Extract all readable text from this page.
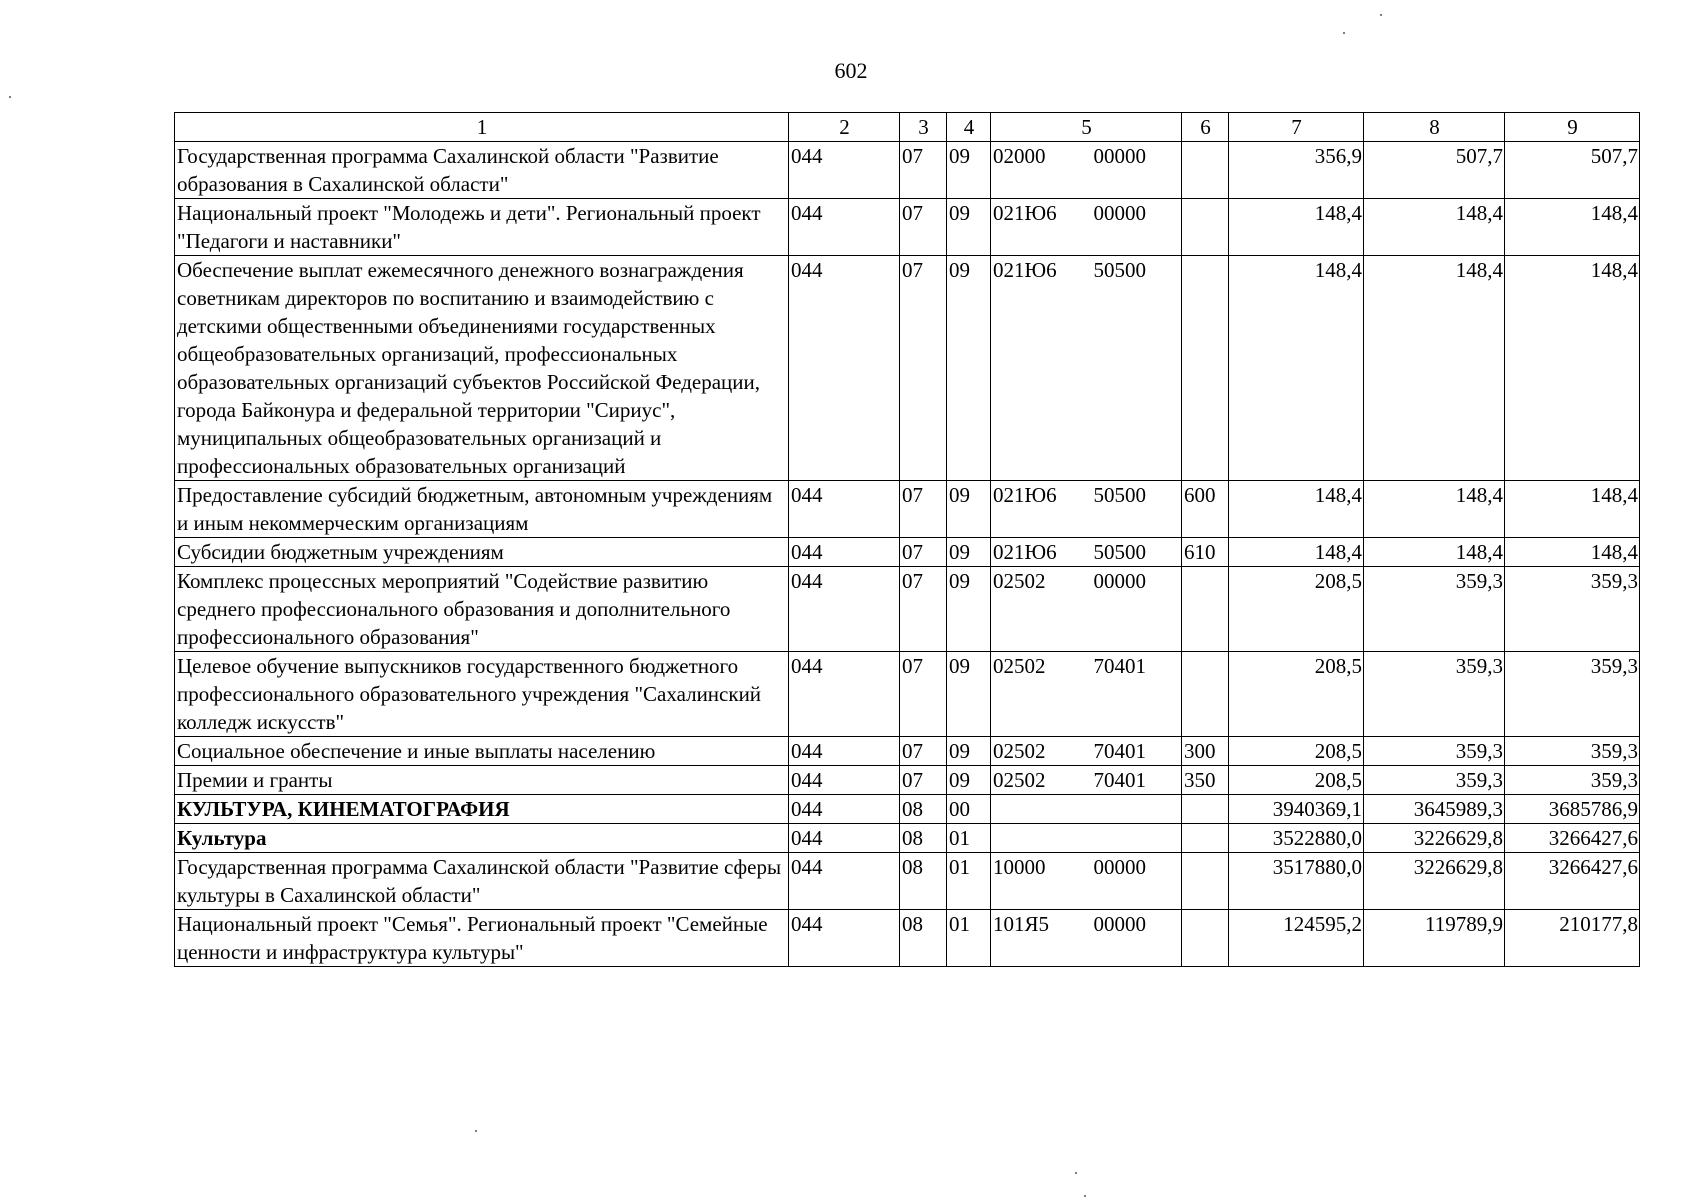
602
1	2	3	4	5	6	7	8	9
Государственная программа Сахалинской области "Развитие образования в Сахалинской области"	044	07	09	02000 00000		356,9	507,7	507,7
Национальный проект "Молодежь и дети". Региональный проект "Педагоги и наставники"	044	07	09	021Ю6 00000		148,4	148,4	148,4
Обеспечение выплат ежемесячного денежного вознаграждения советникам директоров по воспитанию и взаимодействию с детскими общественными объединениями государственных общеобразовательных организаций, профессиональных образовательных организаций субъектов Российской Федерации, города Байконура и федеральной территории "Сириус", муниципальных общеобразовательных организаций и профессиональных образовательных организаций	044	07	09	021Ю6 50500		148,4	148,4	148,4
Предоставление субсидий бюджетным, автономным учреждениям и иным некоммерческим организациям	044	07	09	021Ю6 50500	600	148,4	148,4	148,4
Субсидии бюджетным учреждениям	044	07	09	021Ю6 50500	610	148,4	148,4	148,4
Комплекс процессных мероприятий "Содействие развитию среднего профессионального образования и дополнительного профессионального образования"	044	07	09	02502 00000		208,5	359,3	359,3
Целевое обучение выпускников государственного бюджетного профессионального образовательного учреждения "Сахалинский колледж искусств"	044	07	09	02502 70401		208,5	359,3	359,3
Социальное обеспечение и иные выплаты населению	044	07	09	02502 70401	300	208,5	359,3	359,3
Премии и гранты	044	07	09	02502 70401	350	208,5	359,3	359,3
КУЛЬТУРА, КИНЕМАТОГРАФИЯ	044	08	00			3940369,1	3645989,3	3685786,9
Культура	044	08	01			3522880,0	3226629,8	3266427,6
Государственная программа Сахалинской области "Развитие сферы культуры в Сахалинской области"	044	08	01	10000 00000		3517880,0	3226629,8	3266427,6
Национальный проект "Семья". Региональный проект "Семейные ценности и инфраструктура культуры"	044	08	01	101Я5 00000		124595,2	119789,9	210177,8
